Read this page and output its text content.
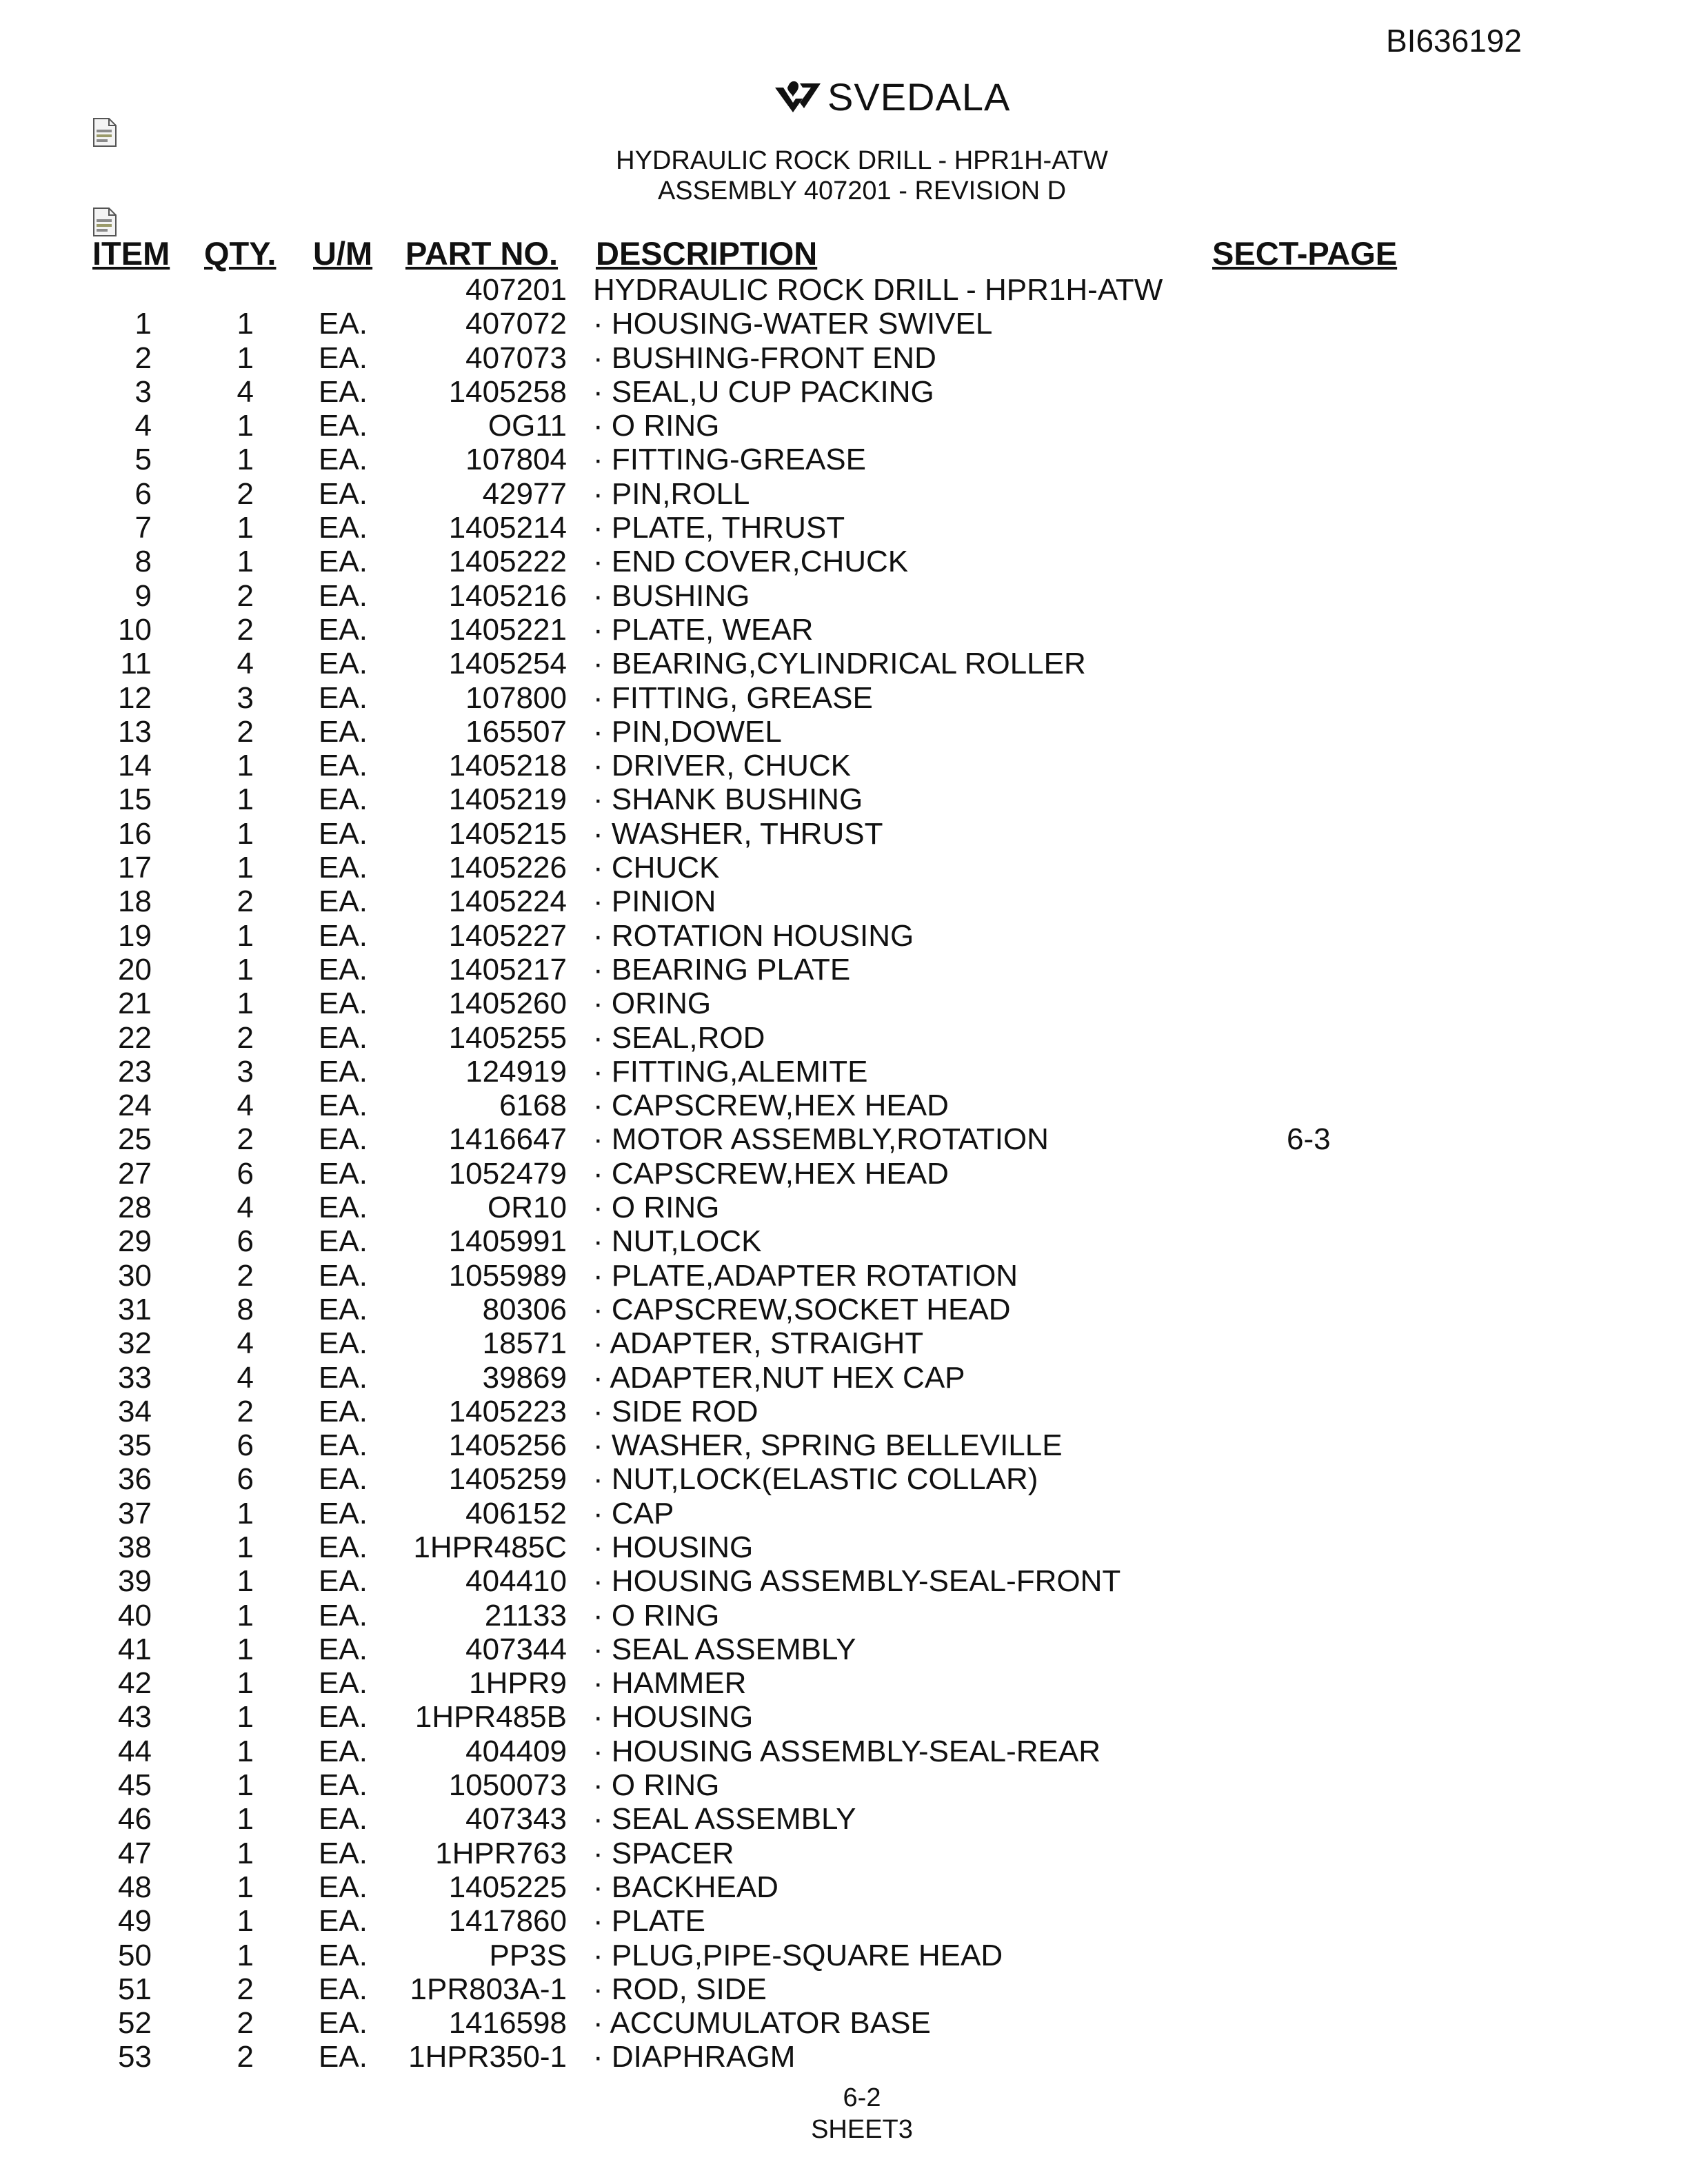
BI636192
SVEDALA
HYDRAULIC ROCK DRILL - HPR1H-ATW
ASSEMBLY 407201 - REVISION D
ITEM QTY. U/M PART NO. DESCRIPTION	SECT-PAGE
407201 HYDRAULIC ROCK DRILL - HPR1H-ATW
1	1 EA.	407072 · HOUSING-WATER SWIVEL
2	1 EA.	407073 · BUSHING-FRONT END
3	4 EA.	1405258 · SEAL,U CUP PACKING
4	1 EA.	OG11 · O RING
5	1 EA.	107804 · FITTING-GREASE
6	2 EA.	42977 · PIN,ROLL
7	1 EA.	1405214 · PLATE, THRUST
8	1 EA.	1405222 · END COVER,CHUCK
9	2 EA.	1405216 · BUSHING
10	2 EA.	1405221 · PLATE, WEAR
11	4 EA.	1405254 · BEARING,CYLINDRICAL ROLLER
12	3 EA.	107800 · FITTING, GREASE
13	2 EA.	165507 · PIN,DOWEL
14	1 EA.	1405218 · DRIVER, CHUCK
15	1 EA.	1405219 · SHANK BUSHING
16	1 EA.	1405215 · WASHER, THRUST
17	1 EA.	1405226 · CHUCK
18	2 EA.	1405224 · PINION
19	1 EA.	1405227 · ROTATION HOUSING
20	1 EA.	1405217 · BEARING PLATE
21	1 EA.	1405260 · ORING
22	2 EA.	1405255 · SEAL,ROD
23	3 EA.	124919 · FITTING,ALEMITE
24	4 EA.	6168 · CAPSCREW,HEX HEAD
25	2 EA.	1416647 · MOTOR ASSEMBLY,ROTATION	6-3
27	6 EA.	1052479 · CAPSCREW,HEX HEAD
28	4 EA.	OR10 · O RING
29	6 EA.	1405991 · NUT,LOCK
30	2 EA.	1055989 · PLATE,ADAPTER ROTATION
31	8 EA.	80306 · CAPSCREW,SOCKET HEAD
32	4 EA.	18571 · ADAPTER, STRAIGHT
33	4 EA.	39869 · ADAPTER,NUT HEX CAP
34	2 EA.	1405223 · SIDE ROD
35	6 EA.	1405256 · WASHER, SPRING BELLEVILLE
36	6 EA.	1405259 · NUT,LOCK(ELASTIC COLLAR)
37	1 EA.	406152 · CAP
38	1 EA. 1HPR485C · HOUSING
39	1 EA.	404410 · HOUSING ASSEMBLY-SEAL-FRONT
40	1 EA.	21133 · O RING
41	1 EA.	407344 · SEAL ASSEMBLY
42	1 EA.	1HPR9 · HAMMER
43	1 EA. 1HPR485B · HOUSING
44	1 EA.	404409 · HOUSING ASSEMBLY-SEAL-REAR
45	1 EA.	1050073 · O RING
46	1 EA.	407343 · SEAL ASSEMBLY
47	1 EA. 1HPR763 · SPACER
48	1 EA.	1405225 · BACKHEAD
49	1 EA.	1417860 · PLATE
50	1 EA.	PP3S · PLUG,PIPE-SQUARE HEAD
51	2 EA. 1PR803A-1 · ROD, SIDE
52	2 EA.	1416598 · ACCUMULATOR BASE
53	2 EA. 1HPR350-1 · DIAPHRAGM
6-2
SHEET3
